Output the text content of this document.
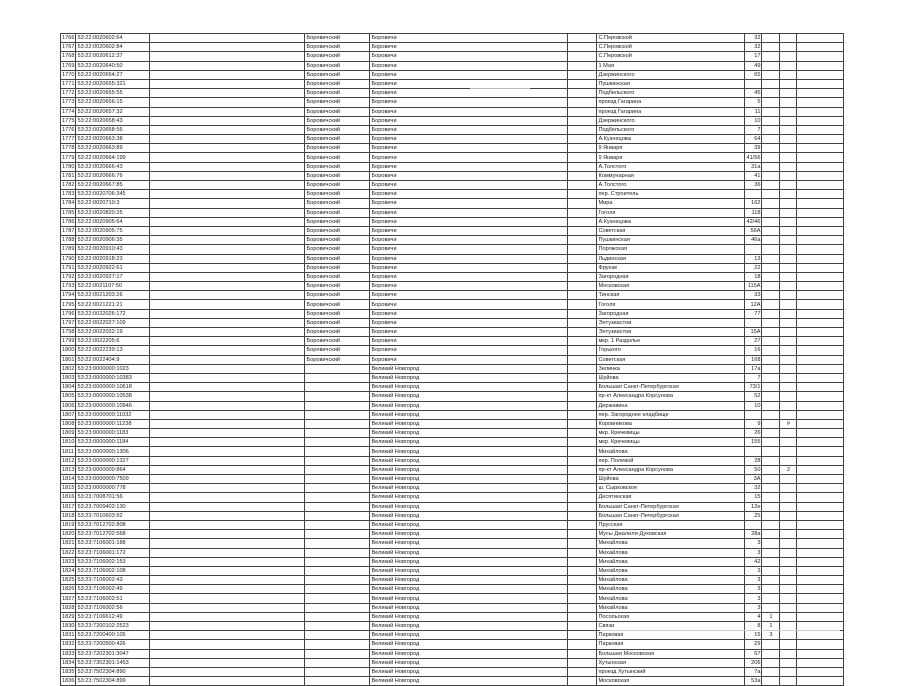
1766	53:22:0020602:64		Боровичский	Боровичи		С.Перовской	32			
1767	53:22:0020602:84		Боровичский	Боровичи		С.Перовской	32			
1768	53:22:0020612:37		Боровичский	Боровичи		С.Перовской	17			
1769	53:22:0020640:50		Боровичский	Боровичи		1 Мая	49			
1770	53:22:0020654:27		Боровичский	Боровичи		Дзержинского	65			
1771	53:22:0020655:321		Боровичский	Боровичи		Пушкинская				
1772	53:22:0020655:55		Боровичский	Боровичи		Подбельского	45			
1773	53:22:0020656:15		Боровичский	Боровичи		проезд Гагарина	5			
1774	53:22:0020657:32		Боровичский	Боровичи		проезд Гагарина	11			
1775	53:22:0020658:43		Боровичский	Боровичи		Дзержинского	10			
1776	53:22:0020658:56		Боровичский	Боровичи		Подбельского	7			
1777	53:22:0020663:38		Боровичский	Боровичи		А.Кузнецова	64			
1778	53:22:0020663:89		Боровичский	Боровичи		9 Января	39			
1779	53:22:0020664:199		Боровичский	Боровичи		9 Января	41/56			
1780	53:22:0020666:43		Боровичский	Боровичи		А.Толстого	31а			
1781	53:22:0020666:76		Боровичский	Боровичи		Коммунарная	41			
1782	53:22:0020667:85		Боровичский	Боровичи		А.Толстого	36			
1783	53:22:0020706:345		Боровичский	Боровичи		пер. Строитель				
1784	53:22:0020710:3		Боровичский	Боровичи		Мира	162			
1785	53:22:0020820:25		Боровичский	Боровичи		Гоголя	118			
1786	53:22:0020905:64		Боровичский	Боровичи		А.Кузнецова	42/46			
1787	53:22:0020905:75		Боровичский	Боровичи		Советская	56А			
1788	53:22:0020906:35		Боровичский	Боровичи		Пушкинская	46а			
1789	53:22:0020910:43		Боровичский	Боровичи		Порожская				
1790	53:22:0020918:23		Боровичский	Боровичи		Льдинская	13			
1791	53:22:0020922:61		Боровичский	Боровичи		Фрунзе	22			
1792	53:22:0020927:17		Боровичский	Боровичи		Загородная	18			
1793	53:22:0021107:50		Боровичский	Боровичи		Московская	115А			
1794	53:22:0021203:26		Боровичский	Боровичи		Тинская	33			
1795	53:22:0021221:21		Боровичский	Боровичи		Гоголя	12А			
1796	53:22:0022026:172		Боровичский	Боровичи		Загородная	77			
1797	53:22:0022027:109		Боровичский	Боровичи		Энтузиастов				
1798	53:22:0022032:19		Боровичский	Боровичи		Энтузиастов	15А			
1799	53:22:0022205:6		Боровичский	Боровичи		мкр. 1 Раздолье	27			
1800	53:22:0022239:13		Боровичский	Боровичи		Горького	16			
1801	53:22:0022404:9		Боровичский	Боровичи		Советская	168			
1802	53:23:0000000:1023			Великий Новгород		Зелинка	17а			
1803	53:23:0000000:10383			Великий Новгород		Шуйова	7			
1804	53:23:0000000:10618			Великий Новгород		Большая Санкт-Петербургская	73/1			
1805	53:23:0000000:10538			Великий Новгород		пр-кт Александра Корсунова	52			
1806	53:23:0000000:10946			Великий Новгород		Державина	10			
1807	53:23:0000000:11032			Великий Новгород		пер. Загородное кладбище				
1808	53:23:0000000:11238			Великий Новгород		Коровникова	9		#	
1809	53:23:0000000:1183			Великий Новгород		мкр. Кречевицы	26			
1810	53:23:0000000:1184			Великий Новгород		мкр. Кречевицы	155			
1811	53:23:0000000:1306			Великий Новгород		Михайлова				
1812	53:23:0000000:1327			Великий Новгород		пер. Полевой	28			
1813	53:23:0000000:864			Великий Новгород		пр-кт Александра Корсунова	50		2	
1814	53:23:0000000:7509			Великий Новгород		Шуйова	3А			
1815	53:23:0000000:778			Великий Новгород		ш. Сырковское	32			
1816	53:23:7008701:56			Великий Новгород		Десятинская	15			
1817	53:23:7009402:130			Великий Новгород		Большая Санкт-Петербургская	12е			
1818	53:23:7010603:92			Великий Новгород		Большая Санкт-Петербургская	25			
1819	53:23:7012702:808			Великий Новгород		Прусская				
1820	53:23:7012702:568			Великий Новгород		Мусы Джалиля-Духовская	28а			
1821	53:23:7106001:188			Великий Новгород		Михайлова	3			
1822	53:23:7106001:172			Великий Новгород		Михайлова	3			
1823	53:23:7106002:153			Великий Новгород		Михайлова	42			
1824	53:23:7106002:108			Великий Новгород		Михайлова	3			
1825	53:23:7106002:43			Великий Новгород		Михайлова	3			
1826	53:23:7106002:49			Великий Новгород		Михайлова	3			
1827	53:23:7106002:51			Великий Новгород		Михайлова	3			
1828	53:23:7106002:56			Великий Новгород		Михайлова	3			
1829	53:23:7106612:49			Великий Новгород		Посольская	4	1		
1830	53:23:7200102:2523			Великий Новгород		Связи	8	1		
1831	53:23:7200400:105			Великий Новгород		Парковая	15	3		
1832	53:23:7200500:426			Великий Новгород		Парковая	29			
1833	53:23:7202301:3047			Великий Новгород		Большая Московская	67			
1834	53:23:7302301:1453			Великий Новгород		Хутынская	206			
1835	53:23:7502304:890			Великий Новгород		проезд Хутынский	7а			
1836	53:23:7502304:899			Великий Новгород		Московская	53а			
